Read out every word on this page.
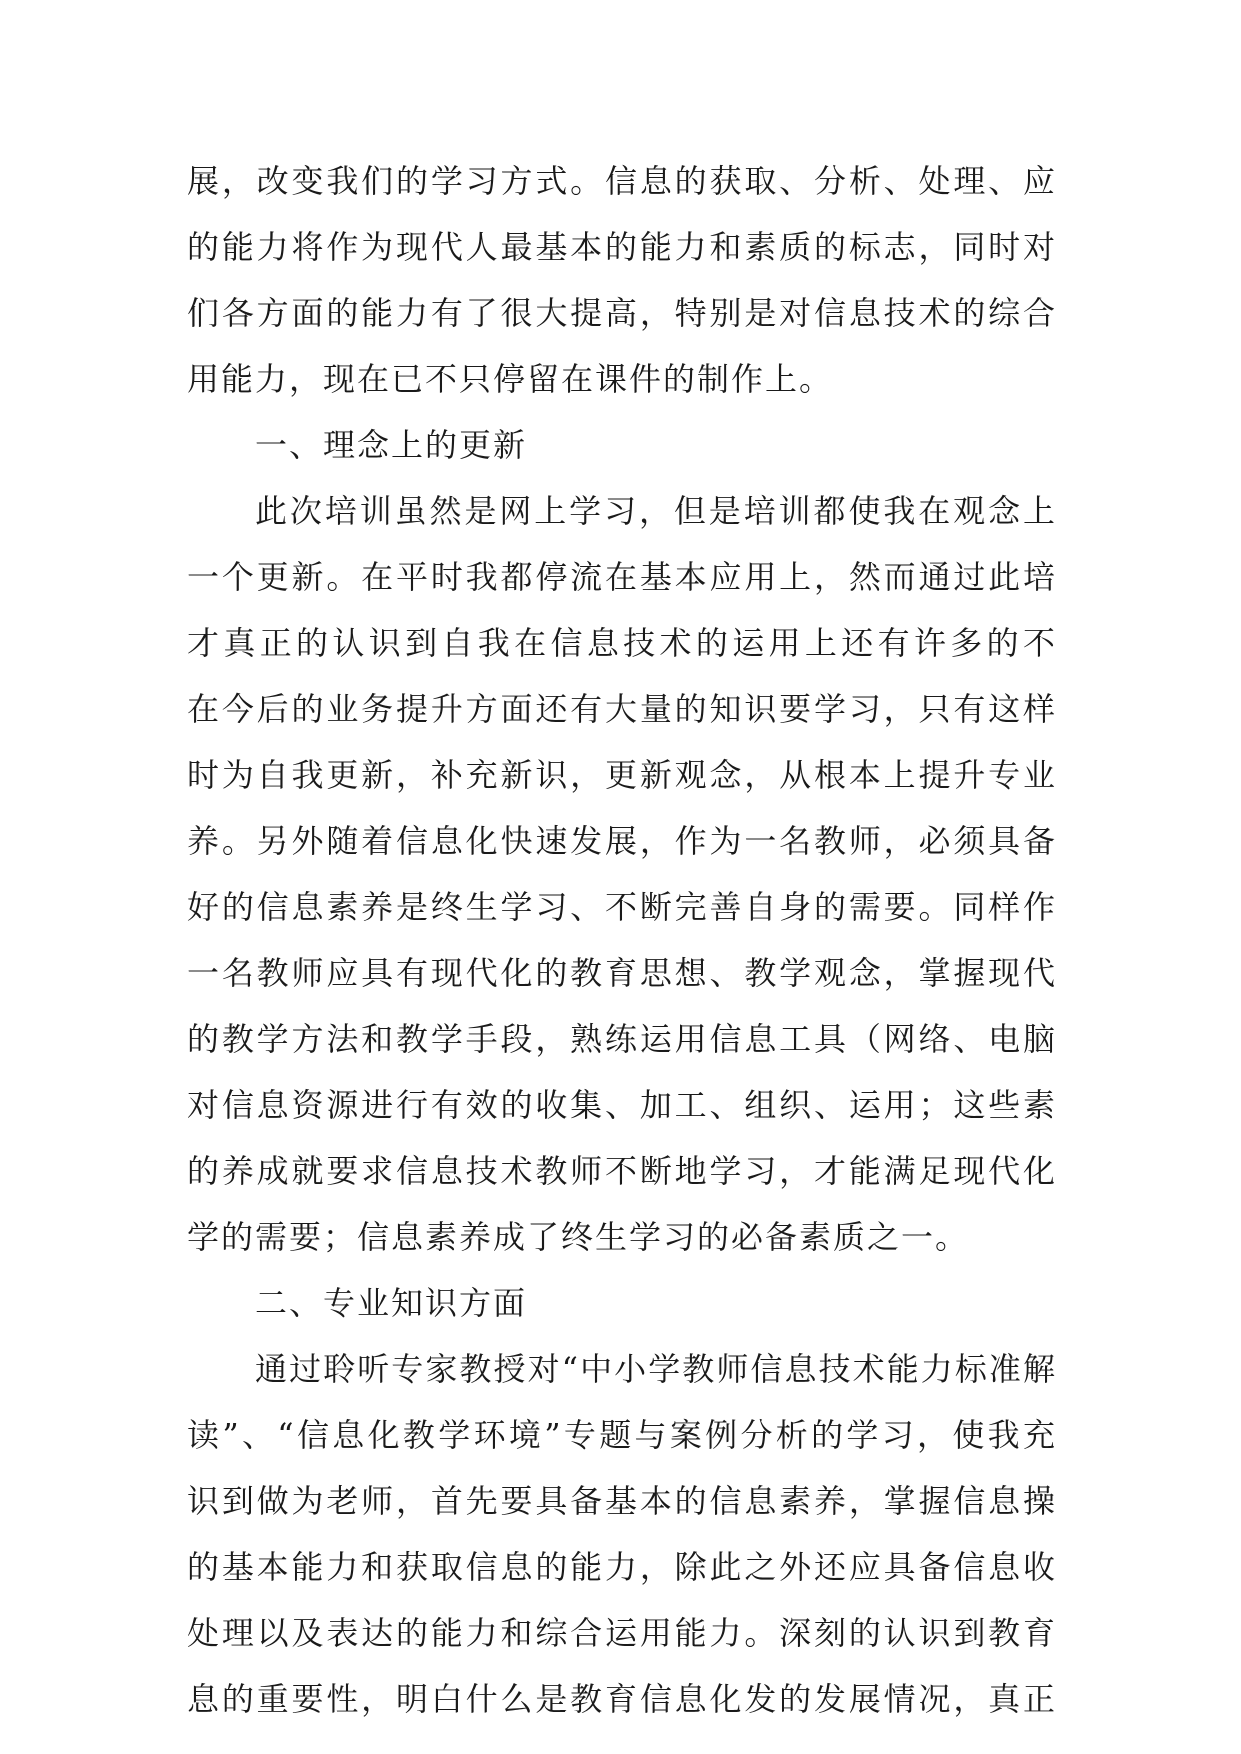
展，改变我们的学习方式。信息的获取、分析、处理、应
的能力将作为现代人最基本的能力和素质的标志，同时对
们各方面的能力有了很大提高，特别是对信息技术的综合
用能力，现在已不只停留在课件的制作上。
一、理念上的更新
此次培训虽然是网上学习，但是培训都使我在观念上
一个更新。在平时我都停流在基本应用上，然而通过此培
才真正的认识到自我在信息技术的运用上还有许多的不
在今后的业务提升方面还有大量的知识要学习，只有这样
时为自我更新，补充新识，更新观念，从根本上提升专业
养。另外随着信息化快速发展，作为一名教师，必须具备
好的信息素养是终生学习、不断完善自身的需要。同样作
一名教师应具有现代化的教育思想、教学观念，掌握现代
的教学方法和教学手段，熟练运用信息工具（网络、电脑
对信息资源进行有效的收集、加工、组织、运用；这些素
的养成就要求信息技术教师不断地学习，才能满足现代化
学的需要；信息素养成了终生学习的必备素质之一。
二、专业知识方面
通过聆听专家教授对“中小学教师信息技术能力标准解
读”、“信息化教学环境”专题与案例分析的学习，使我充
识到做为老师，首先要具备基本的信息素养，掌握信息操
的基本能力和获取信息的能力，除此之外还应具备信息收
处理以及表达的能力和综合运用能力。深刻的认识到教育
息的重要性，明白什么是教育信息化发的发展情况，真正
